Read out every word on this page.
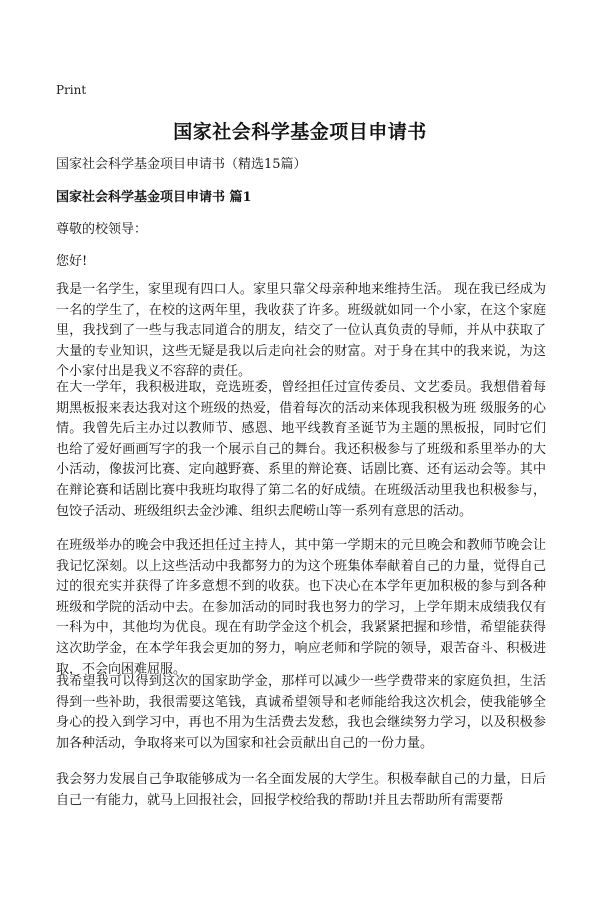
Print
国家社会科学基金项目申请书
国家社会科学基金项目申请书（精选15篇）
国家社会科学基金项目申请书 篇1
尊敬的校领导：
您好!

我是一名学生，家里现有四口人。家里只靠父母亲种地来维持生活。 现在我已经成为一名的学生了，在校的这两年里，我收获了许多。班级就如同一个小家，在这个家庭里，我找到了一些与我志同道合的朋友，结交了一位认真负责的导师，并从中获取了大量的专业知识，这些无疑是我以后走向社会的财富。对于身在其中的我来说，为这个小家付出是我义不容辞的责任。

在大一学年，我积极进取，竞选班委，曾经担任过宣传委员、文艺委员。我想借着每期黑板报来表达我对这个班级的热爱，借着每次的活动来体现我积极为班 级服务的心情。我曾先后主办过以教师节、感恩、地平线教育圣诞节为主题的黑板报，同时它们也给了爱好画画写字的我一个展示自己的舞台。我还积极参与了班级和系里举办的大小活动，像拔河比赛、定向越野赛、系里的辩论赛、话剧比赛、还有运动会等。其中在辩论赛和话剧比赛中我班均取得了第二名的好成绩。在班级活动里我也积极参与，包饺子活动、班级组织去金沙滩、组织去爬崂山等一系列有意思的活动。

在班级举办的晚会中我还担任过主持人，其中第一学期末的元旦晚会和教师节晚会让我记忆深刻。以上这些活动中我都努力的为这个班集体奉献着自己的力量，觉得自己过的很充实并获得了许多意想不到的收获。也下决心在本学年更加积极的参与到各种班级和学院的活动中去。在参加活动的同时我也努力的学习，上学年期末成绩我仅有一科为中，其他均为优良。现在有助学金这个机会，我紧紧把握和珍惜，希望能获得这次助学金，在本学年我会更加的努力，响应老师和学院的领导，艰苦奋斗、积极进取，不会向困难屈服。

我希望我可以得到这次的国家助学金，那样可以减少一些学费带来的家庭负担，生活得到一些补助，我很需要这笔钱，真诚希望领导和老师能给我这次机会，使我能够全身心的投入到学习中，再也不用为生活费去发愁，我也会继续努力学习，以及积极参加各种活动，争取将来可以为国家和社会贡献出自己的一份力量。

我会努力发展自己争取能够成为一名全面发展的大学生。积极奉献自己的力量，日后自己一有能力，就马上回报社会，回报学校给我的帮助!并且去帮助所有需要帮
